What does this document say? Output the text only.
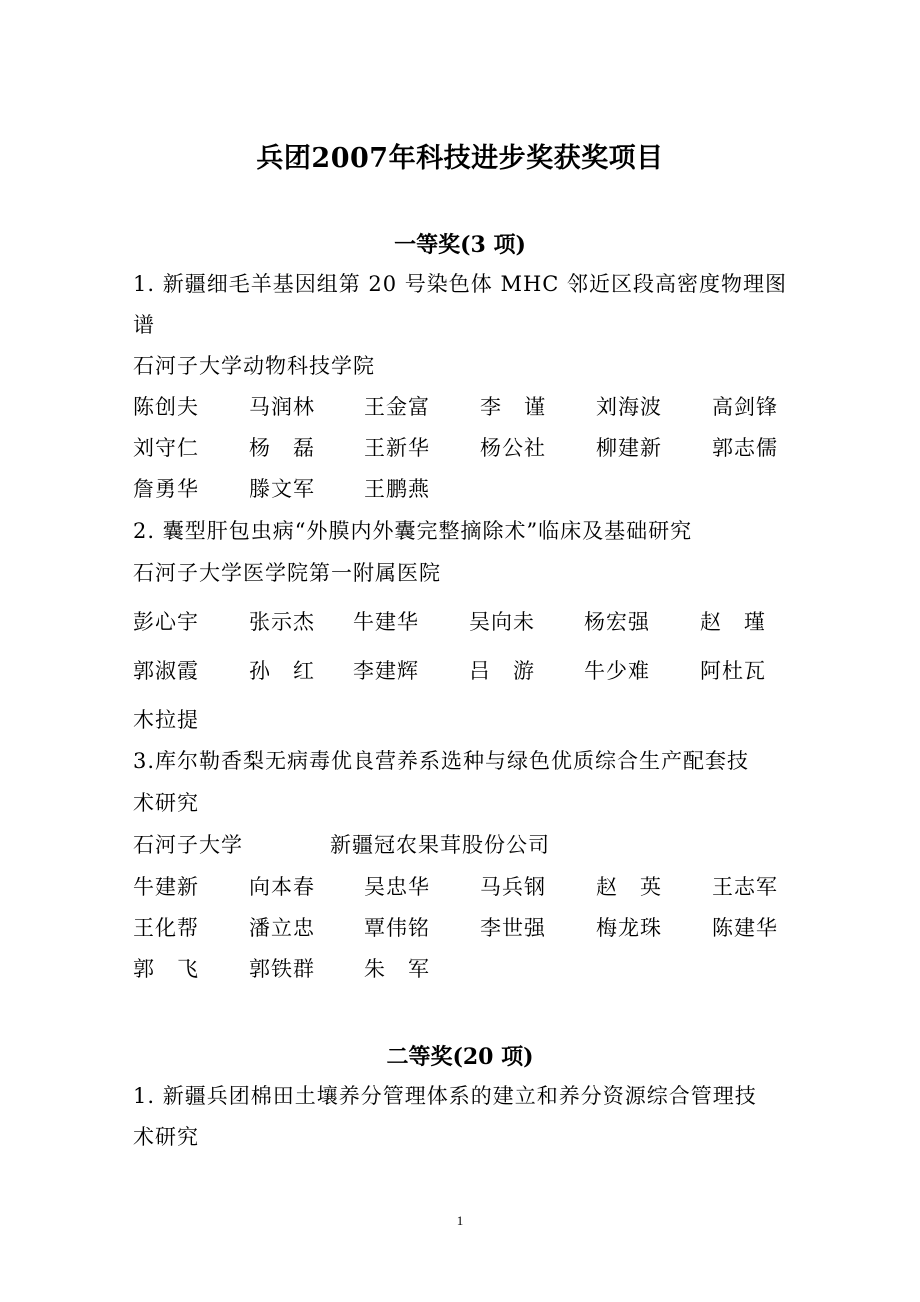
兵团2007年科技进步奖获奖项目
一等奖(3 项)
1. 新疆细毛羊基因组第 20 号染色体 MHC 邻近区段高密度物理图
谱
石河子大学动物科技学院
陈创夫 马润林 王金富 李　谨 刘海波 高剑锋
刘守仁 杨　磊 王新华 杨公社 柳建新 郭志儒
詹勇华 滕文军 王鹏燕
2. 囊型肝包虫病“外膜内外囊完整摘除术”临床及基础研究
石河子大学医学院第一附属医院
彭心宇 张示杰 牛建华 吴向未 杨宏强 赵　瑾
郭淑霞 孙　红 李建辉 吕　游 牛少难 阿杜瓦
木拉提
3.库尔勒香梨无病毒优良营养系选种与绿色优质综合生产配套技
术研究
石河子大学	新疆冠农果茸股份公司
牛建新 向本春 吴忠华 马兵钢 赵　英 王志军
王化帮 潘立忠 覃伟铭 李世强 梅龙珠 陈建华
郭　飞 郭铁群 朱　军
二等奖(20 项)
1. 新疆兵团棉田土壤养分管理体系的建立和养分资源综合管理技
术研究
1
